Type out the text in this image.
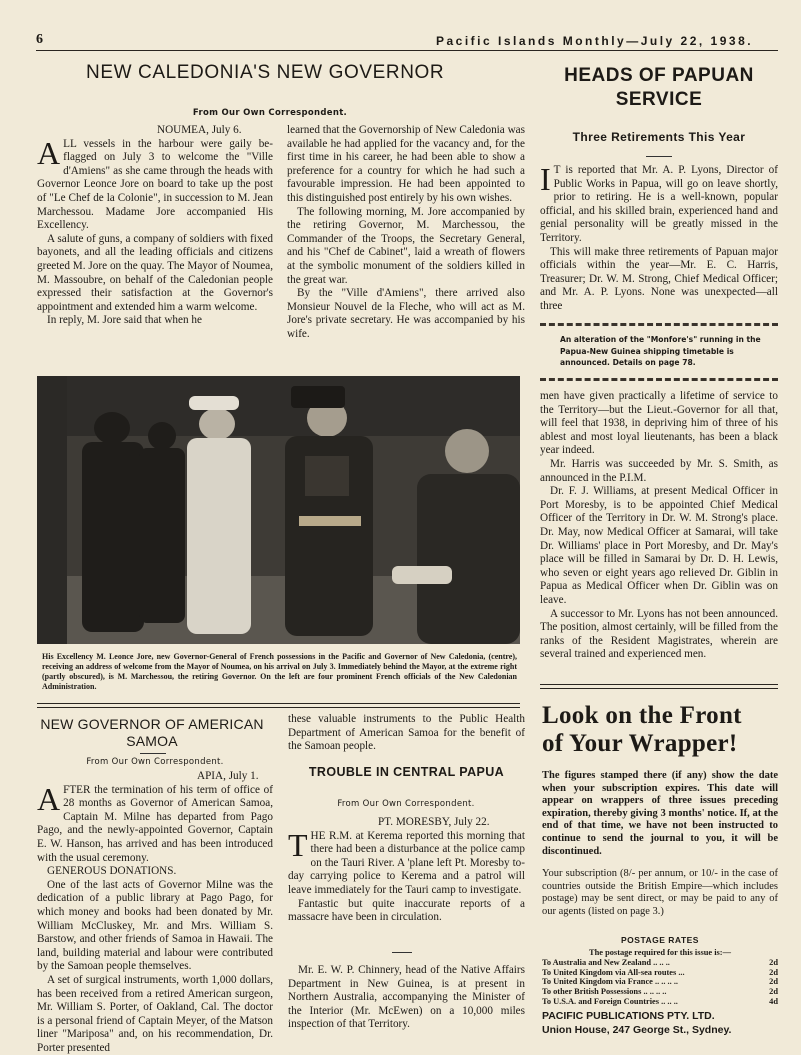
6	Pacific Islands Monthly—July 22, 1938.
NEW CALEDONIA'S NEW GOVERNOR
From Our Own Correspondent.

NOUMEA, July 6.

ALL vessels in the harbour were gaily be-flagged on July 3 to welcome the "Ville d'Amiens" as she came through the heads with Governor Leonce Jore on board to take up the post of "Le Chef de la Colonie", in succession to M. Jean Marchessou. Madame Jore accompanied His Excellency.

A salute of guns, a company of soldiers with fixed bayonets, and all the leading officials and citizens greeted M. Jore on the quay. The Mayor of Noumea, M. Massoubre, on behalf of the Caledonian people expressed their satisfaction at the Governor's appointment and extended him a warm welcome.

In reply, M. Jore said that when he

learned that the Governorship of New Caledonia was available he had applied for the vacancy and, for the first time in his career, he had been able to show a preference for a country for which he had such a favourable impression. He had been appointed to this distinguished post entirely by his own wishes.

The following morning, M. Jore accompanied by the retiring Governor, M. Marchessou, the Commander of the Troops, the Secretary General, and his "Chef de Cabinet", laid a wreath of flowers at the symbolic monument of the soldiers killed in the great war.

By the "Ville d'Amiens", there arrived also Monsieur Nouvel de la Fleche, who will act as M. Jore's private secretary. He was accompanied by his wife.

His Excellency M. Leonce Jore, new Governor-General of French possessions in the Pacific and Governor of New Caledonia, (centre), receiving an address of welcome from the Mayor of Noumea, on his arrival on July 3. Immediately behind the Mayor, at the extreme right (partly obscured), is M. Marchessou, the retiring Governor. On the left are four prominent French officials of the New Caledonian Administration.
HEADS OF PAPUAN
SERVICE
Three Retirements This Year

I T is reported that Mr. A. P. Lyons, Director of Public Works in Papua, will go on leave shortly, prior to retiring. He is a well-known, popular official, and his skilled brain, experienced hand and genial personality will be greatly missed in the Territory.

This will make three retirements of Papuan major officials within the year—Mr. E. C. Harris, Treasurer; Dr. W. M. Strong, Chief Medical Officer; and Mr. A. P. Lyons. None was unexpected—all three

An alteration of the "Monfore's" running in the Papua-New Guinea shipping timetable is announced. Details on page 78.

men have given practically a lifetime of service to the Territory—but the Lieut.-Governor for all that, will feel that 1938, in depriving him of three of his ablest and most loyal lieutenants, has been a black year indeed.

Mr. Harris was succeeded by Mr. S. Smith, as announced in the P.I.M.

Dr. F. J. Williams, at present Medical Officer in Port Moresby, is to be appointed Chief Medical Officer of the Territory in Dr. W. M. Strong's place. Dr. May, now Medical Officer at Samarai, will take Dr. Williams' place in Port Moresby, and Dr. May's place will be filled in Samarai by Dr. D. H. Lewis, who seven or eight years ago relieved Dr. Giblin in Papua as Medical Officer when Dr. Giblin was on leave.

A successor to Mr. Lyons has not been announced. The position, almost certainly, will be filled from the ranks of the Resident Magistrates, wherein are several trained and experienced men.

NEW GOVERNOR OF AMERICAN
SAMOA
From Our Own Correspondent.

APIA, July 1.

AFTER the termination of his term of office of 28 months as Governor of American Samoa, Captain M. Milne has departed from Pago Pago, and the newly-appointed Governor, Captain E. W. Hanson, has arrived and has been introduced with the usual ceremony.

GENEROUS DONATIONS.

One of the last acts of Governor Milne was the dedication of a public library at Pago Pago, for which money and books had been donated by Mr. William McCluskey, Mr. and Mrs. William S. Barstow, and other friends of Samoa in Hawaii. The land, building material and labour were contributed by the Samoan people themselves.

A set of surgical instruments, worth 1,000 dollars, has been received from a retired American surgeon, Mr. William S. Porter, of Oakland, Cal. The doctor is a personal friend of Captain Meyer, of the Matson liner "Mariposa" and, on his recommendation, Dr. Porter presented

these valuable instruments to the Public Health Department of American Samoa for the benefit of the Samoan people.

TROUBLE IN CENTRAL PAPUA
From Our Own Correspondent.

PT. MORESBY, July 22.

THE R.M. at Kerema reported this morning that there had been a disturbance at the police camp on the Tauri River. A 'plane left Pt. Moresby to-day carrying police to Kerema and a patrol will leave immediately for the Tauri camp to investigate.

Fantastic but quite inaccurate reports of a massacre have been in circulation.

Mr. E. W. P. Chinnery, head of the Native Affairs Department in New Guinea, is at present in Northern Australia, accompanying the Minister of the Interior (Mr. McEwen) on a 10,000 miles inspection of that Territory.

Look on the Front
of Your Wrapper!

The figures stamped there (if any) show the date when your subscription expires. This date will appear on wrappers of three issues preceding expiration, thereby giving 3 months' notice. If, at the end of that time, we have not been instructed to continue to send the journal to you, it will be discontinued.

Your subscription (8/- per annum, or 10/- in the case of countries outside the British Empire—which includes postage) may be sent direct, or may be paid to any of our agents (listed on page 3.)

POSTAGE RATES
The postage required for this issue is:—
To Australia and New Zealand .. .. ..	2d
To United Kingdom via All-sea routes ...	2d
To United Kingdom via France .. .. .. ..	2d
To other British Possessions .. .. .. ..	2d
To U.S.A. and Foreign Countries .. .. ..	4d
PACIFIC PUBLICATIONS PTY. LTD.
Union House, 247 George St., Sydney.
